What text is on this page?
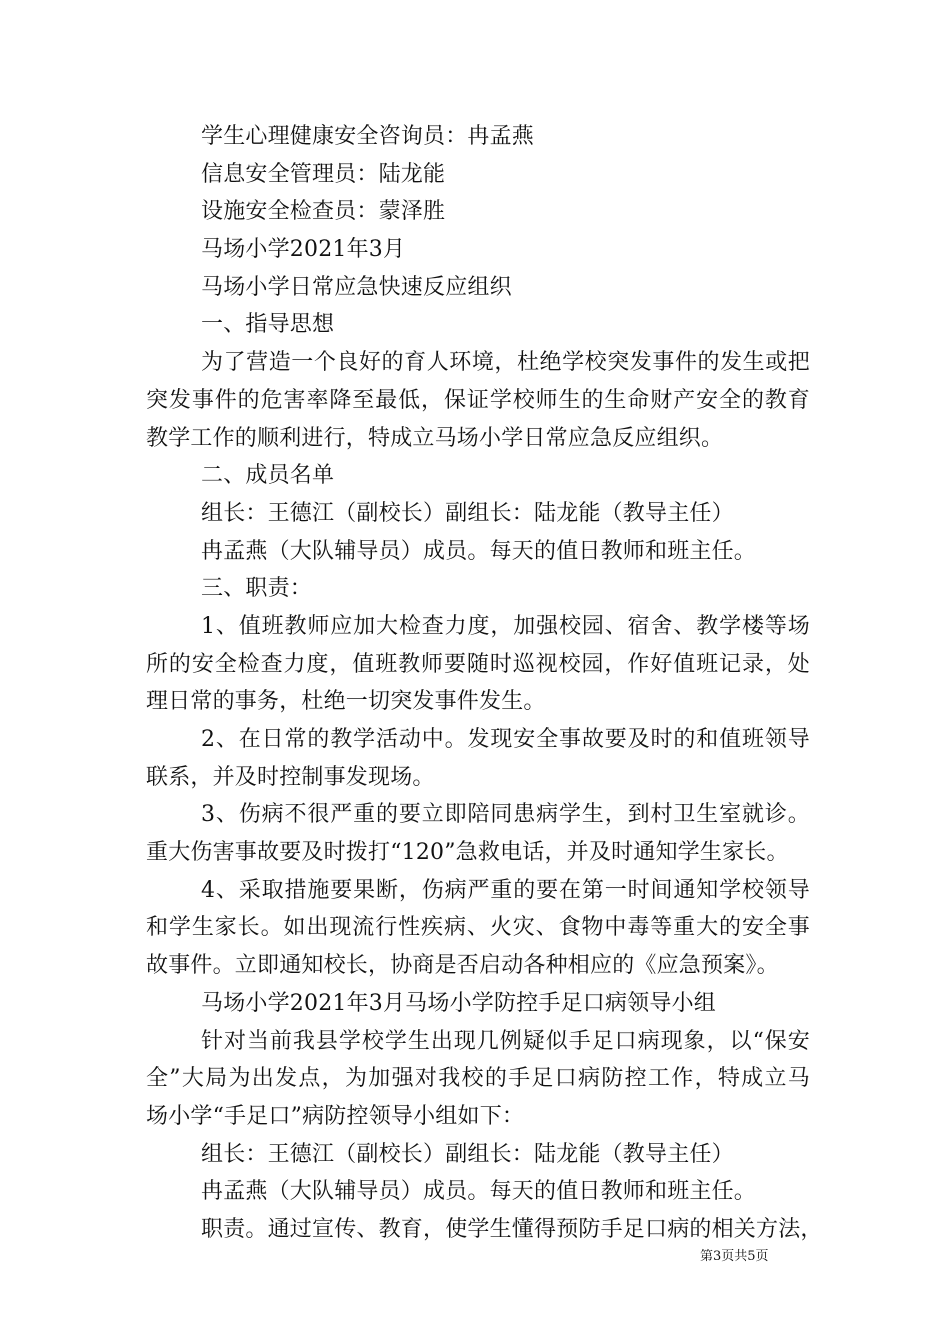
学生心理健康安全咨询员：冉孟燕
信息安全管理员：陆龙能
设施安全检查员：蒙泽胜
马场小学2021年3月
马场小学日常应急快速反应组织
一、指导思想
为了营造一个良好的育人环境，杜绝学校突发事件的发生或把
突发事件的危害率降至最低，保证学校师生的生命财产安全的教育
教学工作的顺利进行，特成立马场小学日常应急反应组织。
二、成员名单
组长：王德江（副校长）副组长：陆龙能（教导主任）
冉孟燕（大队辅导员）成员。每天的值日教师和班主任。
三、职责：
1、值班教师应加大检查力度，加强校园、宿舍、教学楼等场
所的安全检查力度，值班教师要随时巡视校园，作好值班记录，处
理日常的事务，杜绝一切突发事件发生。
2、在日常的教学活动中。发现安全事故要及时的和值班领导
联系，并及时控制事发现场。
3、伤病不很严重的要立即陪同患病学生，到村卫生室就诊。
重大伤害事故要及时拨打“120”急救电话，并及时通知学生家长。
4、采取措施要果断，伤病严重的要在第一时间通知学校领导
和学生家长。如出现流行性疾病、火灾、食物中毒等重大的安全事
故事件。立即通知校长，协商是否启动各种相应的《应急预案》。
马场小学2021年3月马场小学防控手足口病领导小组
针对当前我县学校学生出现几例疑似手足口病现象，以“保安
全”大局为出发点，为加强对我校的手足口病防控工作，特成立马
场小学“手足口”病防控领导小组如下：
组长：王德江（副校长）副组长：陆龙能（教导主任）
冉孟燕（大队辅导员）成员。每天的值日教师和班主任。
职责。通过宣传、教育，使学生懂得预防手足口病的相关方法，
第3页共5页
